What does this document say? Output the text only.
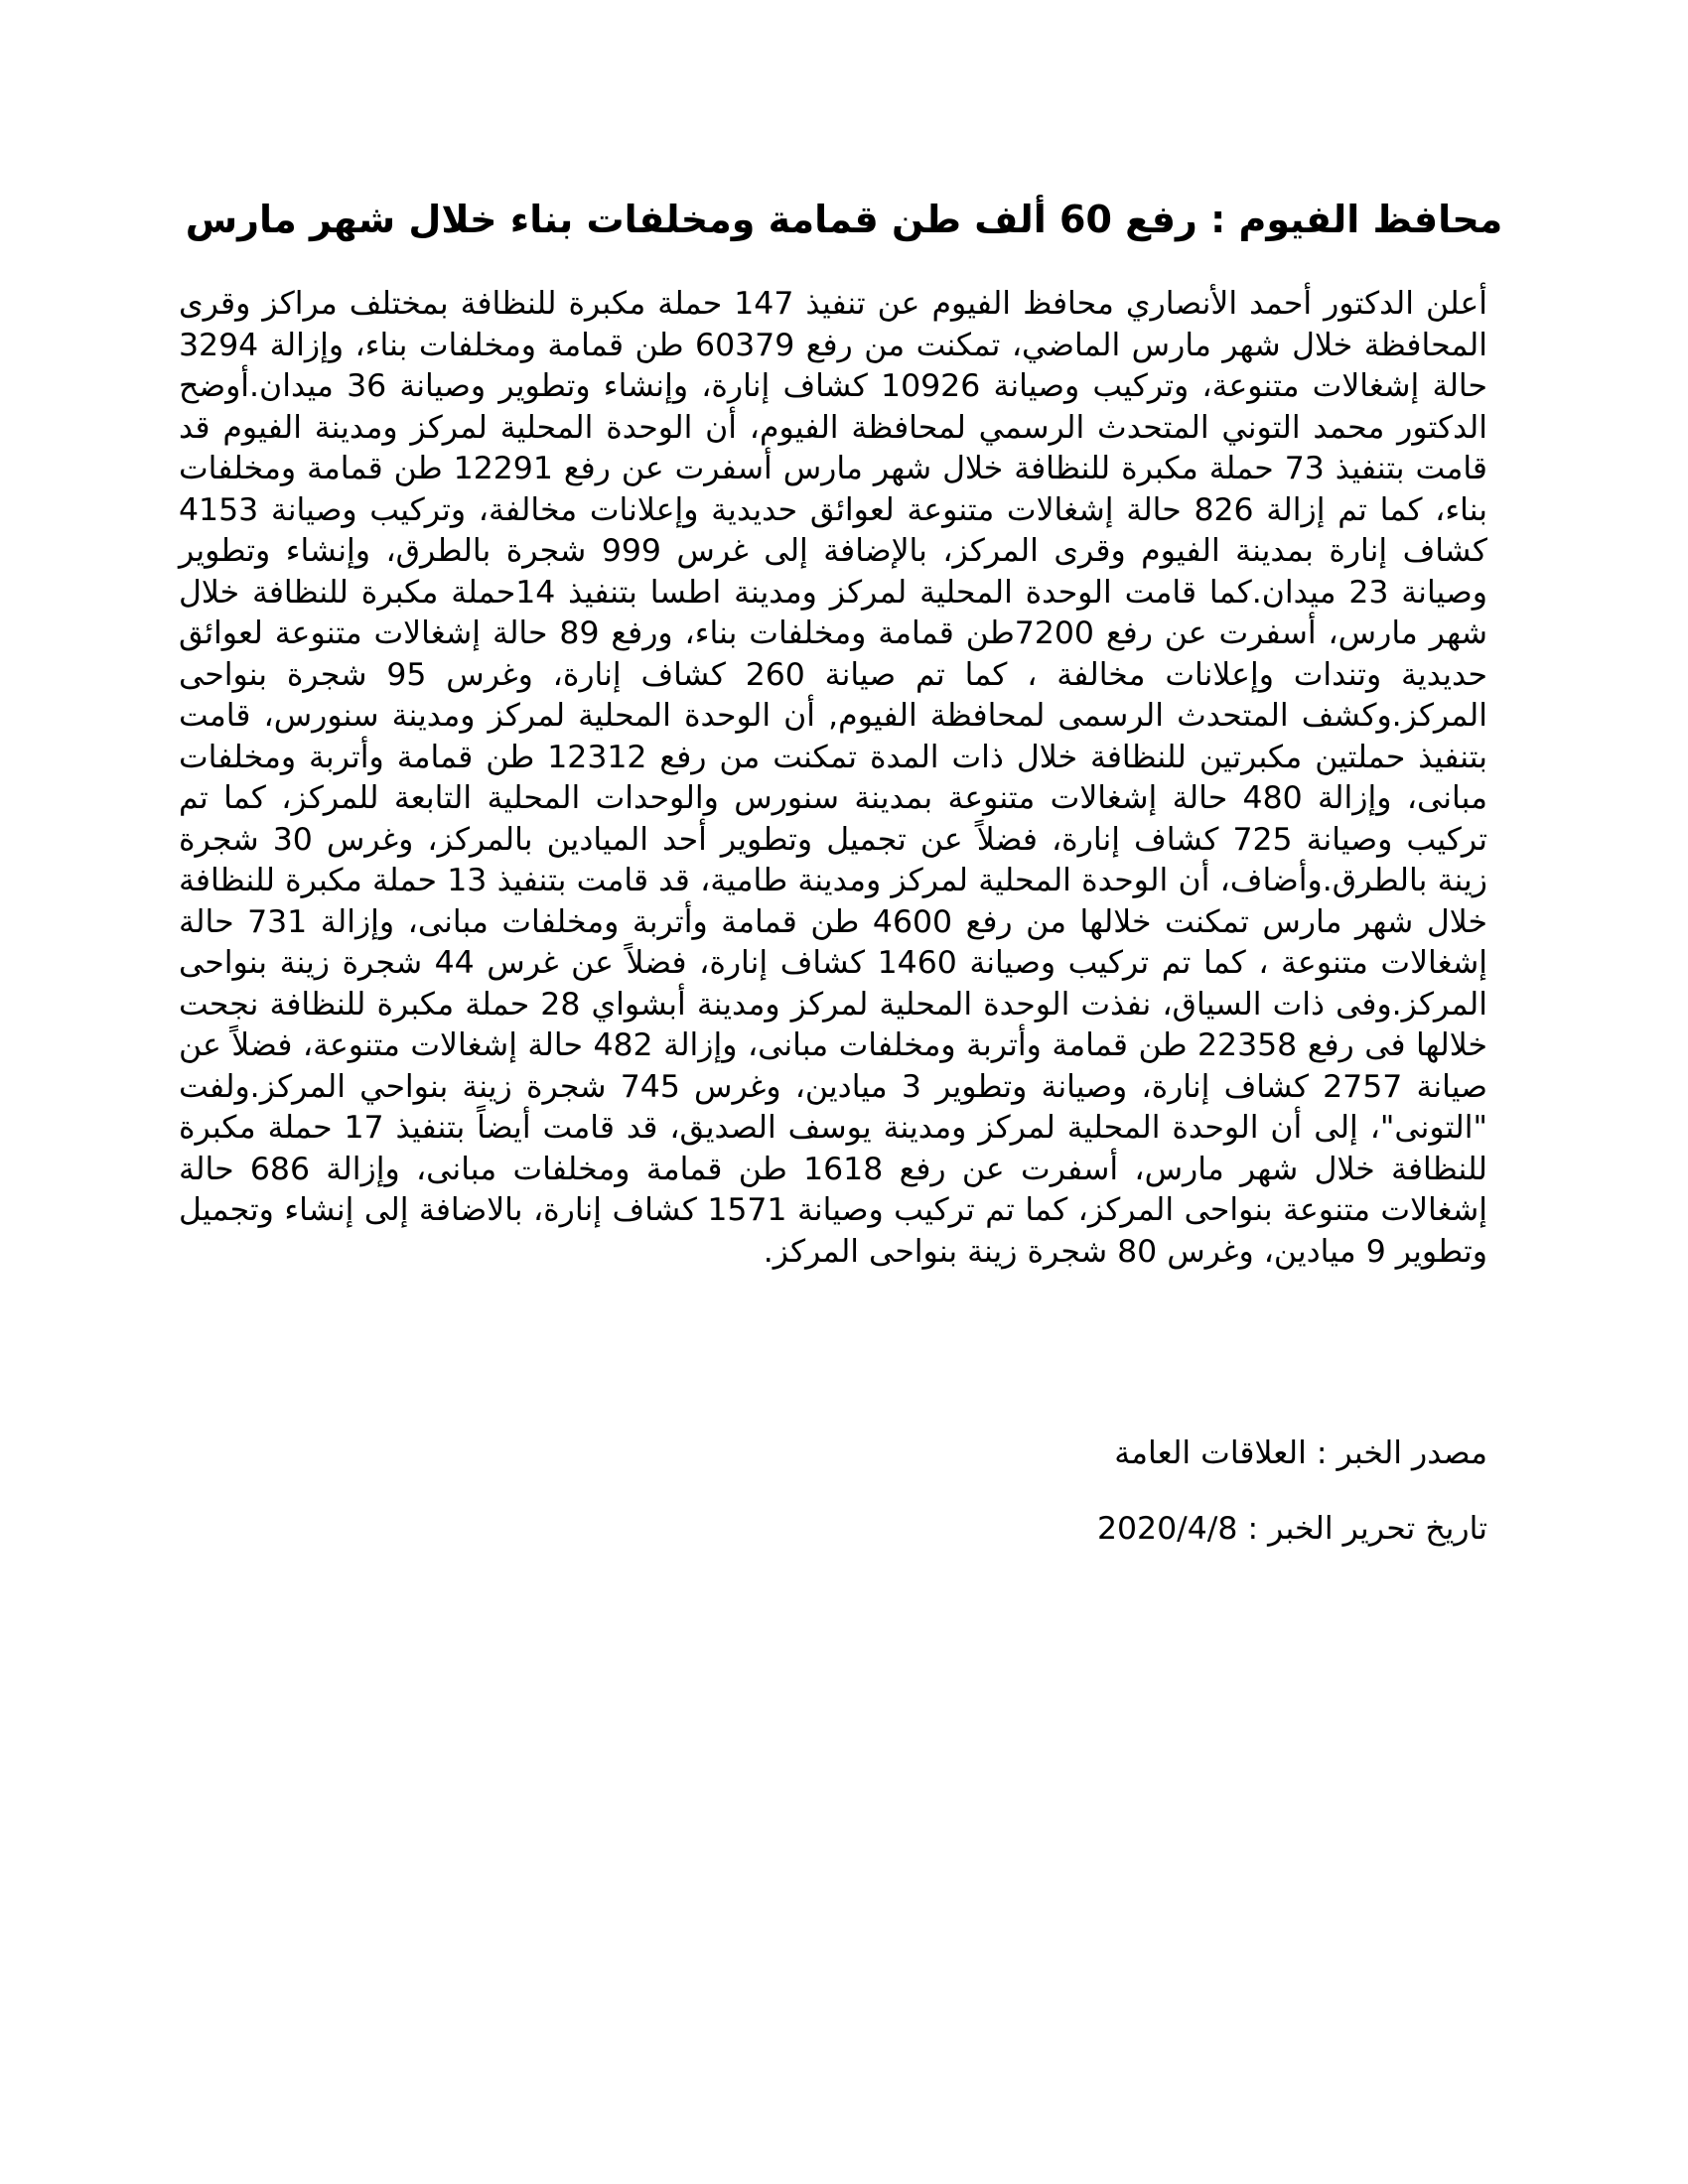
محافظ الفيوم : رفع 60 ألف طن قمامة ومخلفات بناء خلال شهر مارس

أعلن الدكتور أحمد الأنصاري محافظ الفيوم عن تنفيذ 147 حملة مكبرة للنظافة بمختلف مراكز وقرى المحافظة خلال شهر مارس الماضي، تمكنت من رفع 60379 طن قمامة ومخلفات بناء، وإزالة 3294 حالة إشغالات متنوعة، وتركيب وصيانة 10926 كشاف إنارة، وإنشاء وتطوير وصيانة 36 ميدان.أوضح الدكتور محمد التوني المتحدث الرسمي لمحافظة الفيوم، أن الوحدة المحلية لمركز ومدينة الفيوم قد قامت بتنفيذ 73 حملة مكبرة للنظافة خلال شهر مارس أسفرت عن رفع 12291 طن قمامة ومخلفات بناء، كما تم إزالة 826 حالة إشغالات متنوعة لعوائق حديدية وإعلانات مخالفة، وتركيب وصيانة 4153 كشاف إنارة بمدينة الفيوم وقرى المركز، بالإضافة إلى غرس 999 شجرة بالطرق، وإنشاء وتطوير وصيانة 23 ميدان.كما قامت الوحدة المحلية لمركز ومدينة اطسا بتنفيذ 14حملة مكبرة للنظافة خلال شهر مارس، أسفرت عن رفع 7200طن قمامة ومخلفات بناء، ورفع 89 حالة إشغالات متنوعة لعوائق حديدية وتندات وإعلانات مخالفة ، كما تم صيانة 260 كشاف إنارة، وغرس 95 شجرة بنواحى المركز.وكشف المتحدث الرسمى لمحافظة الفيوم, أن الوحدة المحلية لمركز ومدينة سنورس، قامت بتنفيذ حملتين مكبرتين للنظافة خلال ذات المدة تمكنت من رفع 12312 طن قمامة وأتربة ومخلفات مبانى، وإزالة 480 حالة إشغالات متنوعة بمدينة سنورس والوحدات المحلية التابعة للمركز، كما تم تركيب وصيانة 725 كشاف إنارة، فضلاً عن تجميل وتطوير أحد الميادين بالمركز، وغرس 30 شجرة زينة بالطرق.وأضاف، أن الوحدة المحلية لمركز ومدينة طامية، قد قامت بتنفيذ 13 حملة مكبرة للنظافة خلال شهر مارس تمكنت خلالها من رفع 4600 طن قمامة وأتربة ومخلفات مبانى، وإزالة 731 حالة إشغالات متنوعة ، كما تم تركيب وصيانة 1460 كشاف إنارة، فضلاً عن غرس 44 شجرة زينة بنواحى المركز.وفى ذات السياق، نفذت الوحدة المحلية لمركز ومدينة أبشواي 28 حملة مكبرة للنظافة نجحت خلالها فى رفع 22358 طن قمامة وأتربة ومخلفات مبانى، وإزالة 482 حالة إشغالات متنوعة، فضلاً عن صيانة 2757 كشاف إنارة، وصيانة وتطوير 3 ميادين، وغرس 745 شجرة زينة بنواحي المركز.ولفت "التونى"، إلى أن الوحدة المحلية لمركز ومدينة يوسف الصديق، قد قامت أيضاً بتنفيذ 17 حملة مكبرة للنظافة خلال شهر مارس، أسفرت عن رفع 1618 طن قمامة ومخلفات مبانى، وإزالة 686 حالة إشغالات متنوعة بنواحى المركز، كما تم تركيب وصيانة 1571 كشاف إنارة، بالاضافة إلى إنشاء وتجميل وتطوير 9 ميادين، وغرس 80 شجرة زينة بنواحى المركز.

مصدر الخبر : العلاقات العامة

تاريخ تحرير الخبر : 2020/4/8
